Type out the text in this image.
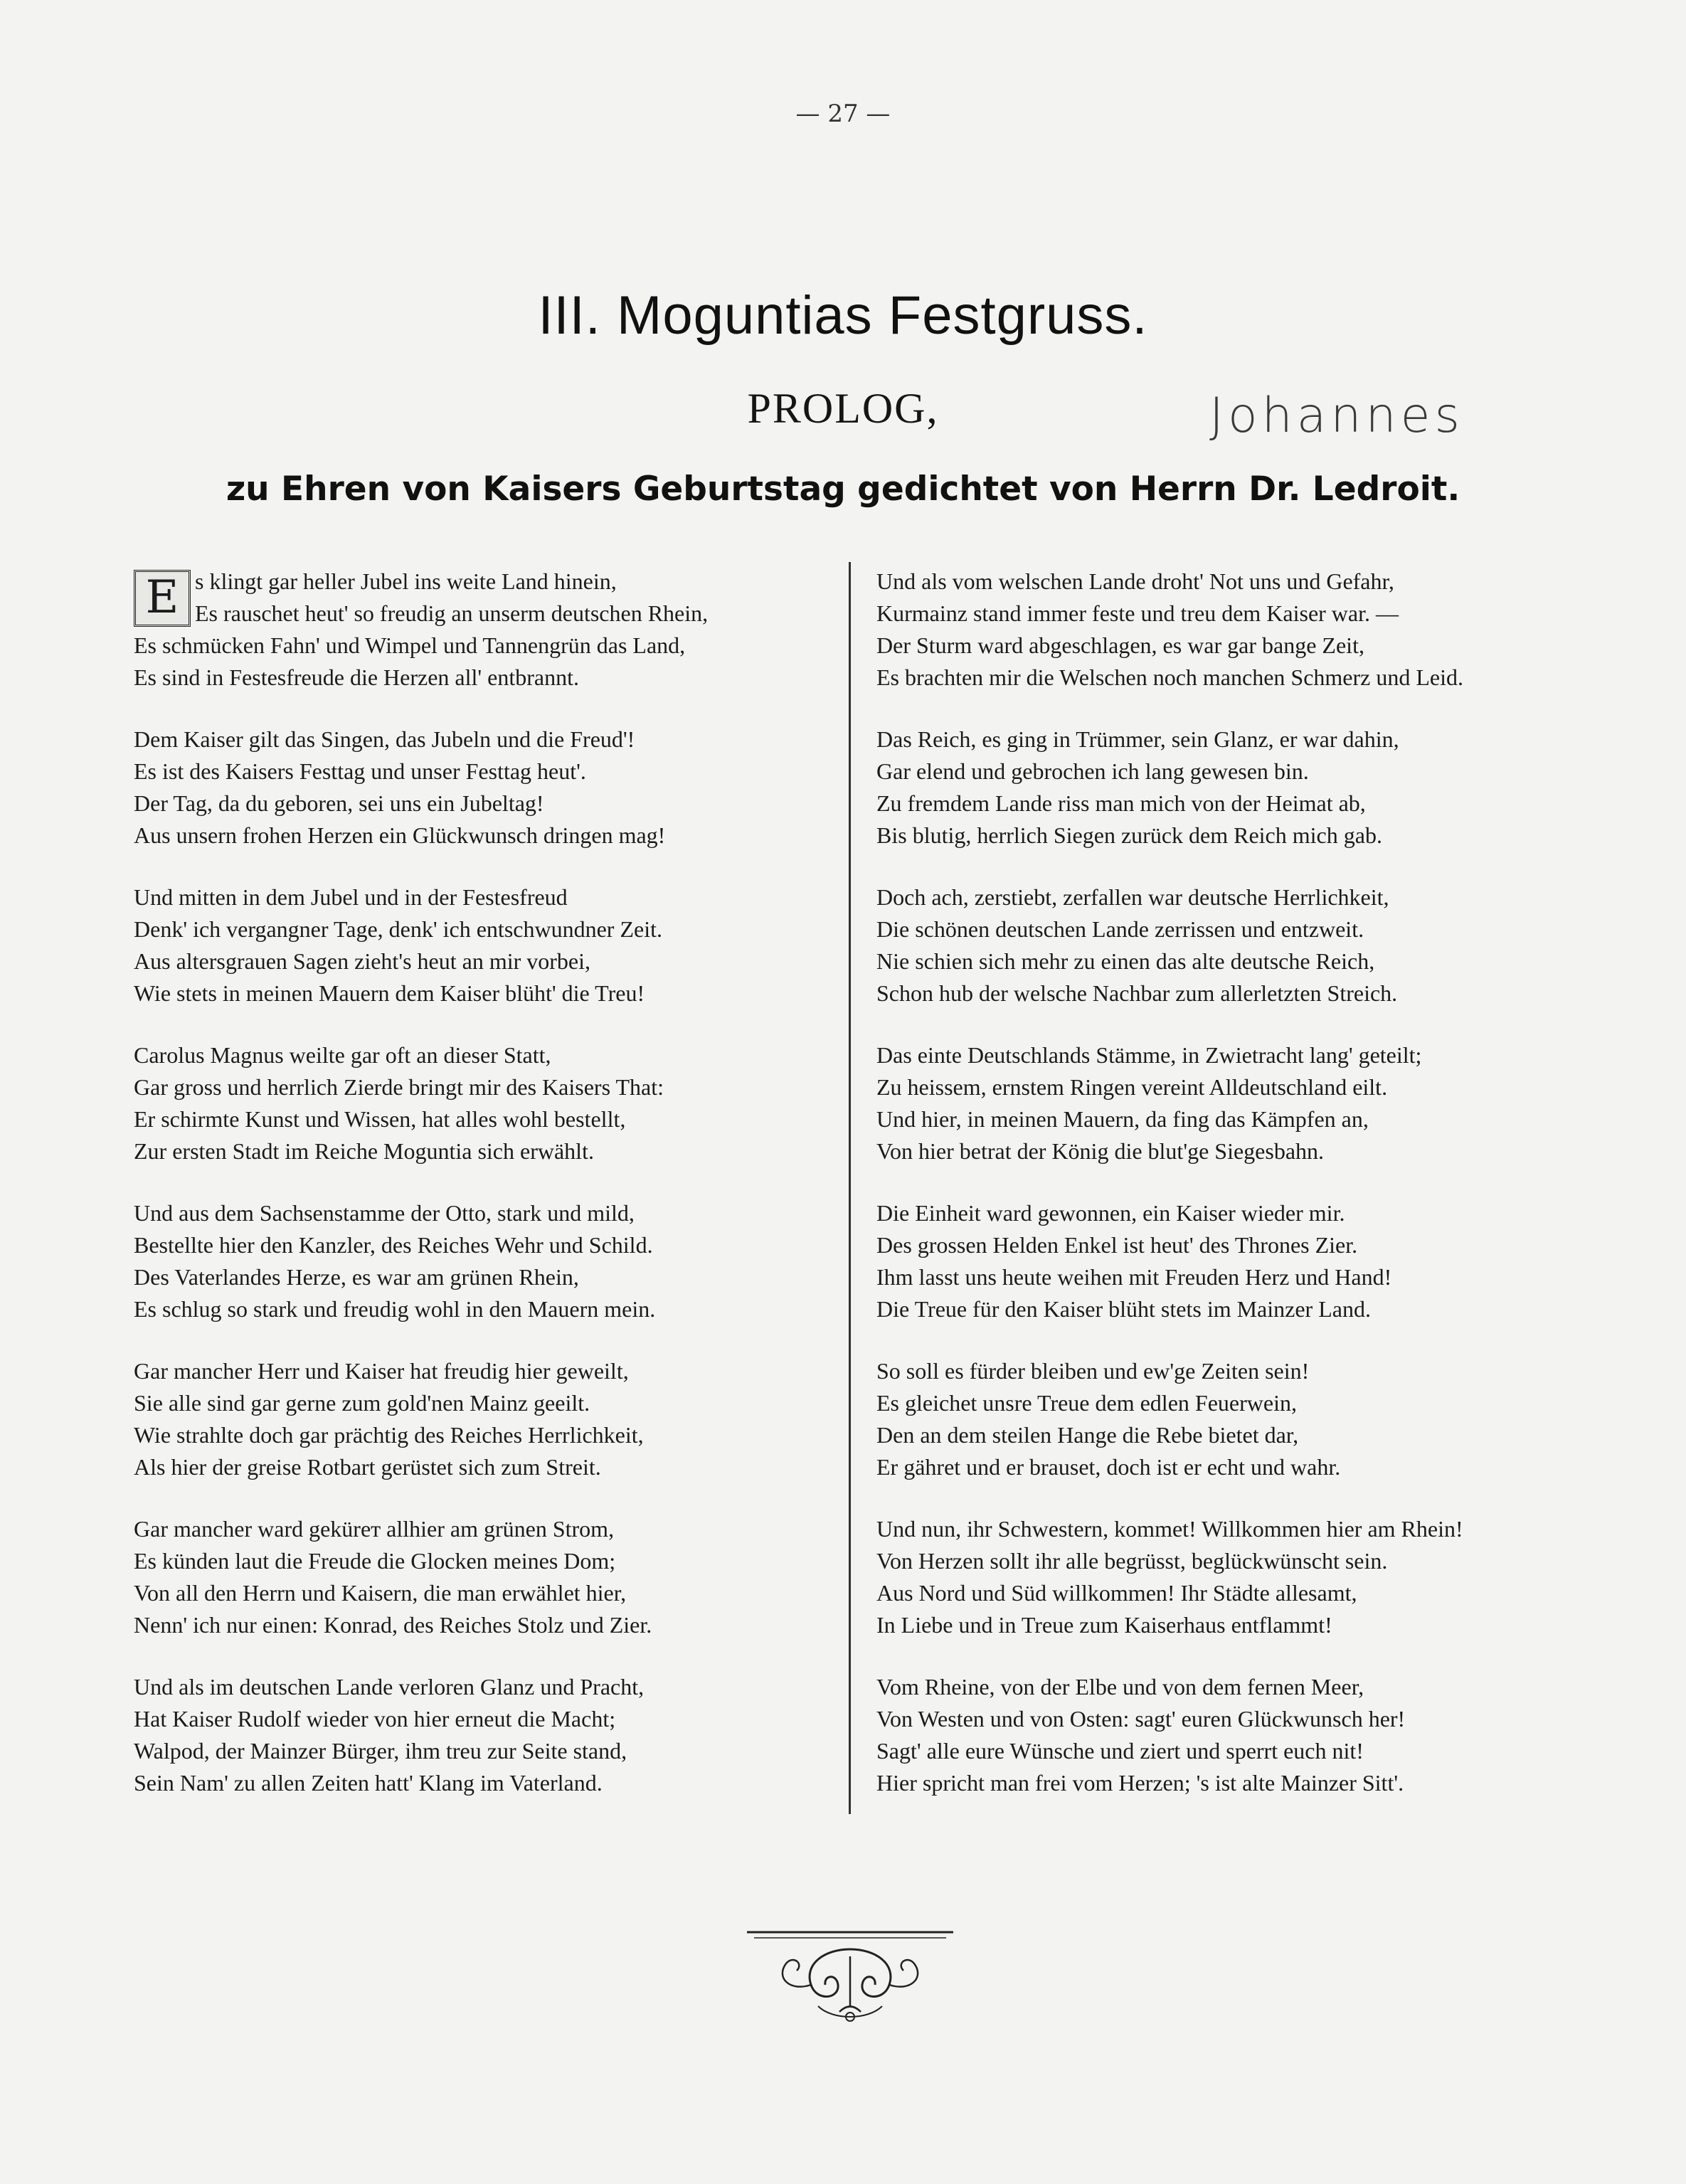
— 27 —
III. Moguntias Festgruss.
PROLOG,	Johannes
zu Ehren von Kaisers Geburtstag gedichtet von Herrn Dr. Ledroit.
E s klingt gar heller Jubel ins weite Land hinein,
Es rauschet heut' so freudig an unserm deutschen Rhein,
Es schmücken Fahn' und Wimpel und Tannengrün das Land,
Es sind in Festesfreude die Herzen all' entbrannt.
Dem Kaiser gilt das Singen, das Jubeln und die Freud'!
Es ist des Kaisers Festtag und unser Festtag heut'.
Der Tag, da du geboren, sei uns ein Jubeltag!
Aus unsern frohen Herzen ein Glückwunsch dringen mag!
Und mitten in dem Jubel und in der Festesfreud
Denk' ich vergangner Tage, denk' ich entschwundner Zeit.
Aus altersgrauen Sagen zieht's heut an mir vorbei,
Wie stets in meinen Mauern dem Kaiser blüht' die Treu!
Carolus Magnus weilte gar oft an dieser Statt,
Gar gross und herrlich Zierde bringt mir des Kaisers That:
Er schirmte Kunst und Wissen, hat alles wohl bestellt,
Zur ersten Stadt im Reiche Moguntia sich erwählt.
Und aus dem Sachsenstamme der Otto, stark und mild,
Bestellte hier den Kanzler, des Reiches Wehr und Schild.
Des Vaterlandes Herze, es war am grünen Rhein,
Es schlug so stark und freudig wohl in den Mauern mein.
Gar mancher Herr und Kaiser hat freudig hier geweilt,
Sie alle sind gar gerne zum gold'nen Mainz geeilt.
Wie strahlte doch gar prächtig des Reiches Herrlichkeit,
Als hier der greise Rotbart gerüstet sich zum Streit.
Gar mancher ward gekürет allhier am grünen Strom,
Es künden laut die Freude die Glocken meines Dom;
Von all den Herrn und Kaisern, die man erwählet hier,
Nenn' ich nur einen: Konrad, des Reiches Stolz und Zier.
Und als im deutschen Lande verloren Glanz und Pracht,
Hat Kaiser Rudolf wieder von hier erneut die Macht;
Walpod, der Mainzer Bürger, ihm treu zur Seite stand,
Sein Nam' zu allen Zeiten hatt' Klang im Vaterland.
Und als vom welschen Lande droht' Not uns und Gefahr,
Kurmainz stand immer feste und treu dem Kaiser war. —
Der Sturm ward abgeschlagen, es war gar bange Zeit,
Es brachten mir die Welschen noch manchen Schmerz und Leid.
Das Reich, es ging in Trümmer, sein Glanz, er war dahin,
Gar elend und gebrochen ich lang gewesen bin.
Zu fremdem Lande riss man mich von der Heimat ab,
Bis blutig, herrlich Siegen zurück dem Reich mich gab.
Doch ach, zerstiebt, zerfallen war deutsche Herrlichkeit,
Die schönen deutschen Lande zerrissen und entzweit.
Nie schien sich mehr zu einen das alte deutsche Reich,
Schon hub der welsche Nachbar zum allerletzten Streich.
Das einte Deutschlands Stämme, in Zwietracht lang' geteilt;
Zu heissem, ernstem Ringen vereint Alldeutschland eilt.
Und hier, in meinen Mauern, da fing das Kämpfen an,
Von hier betrat der König die blut'ge Siegesbahn.
Die Einheit ward gewonnen, ein Kaiser wieder mir.
Des grossen Helden Enkel ist heut' des Thrones Zier.
Ihm lasst uns heute weihen mit Freuden Herz und Hand!
Die Treue für den Kaiser blüht stets im Mainzer Land.
So soll es fürder bleiben und ew'ge Zeiten sein!
Es gleichet unsre Treue dem edlen Feuerwein,
Den an dem steilen Hange die Rebe bietet dar,
Er gähret und er brauset, doch ist er echt und wahr.
Und nun, ihr Schwestern, kommet! Willkommen hier am Rhein!
Von Herzen sollt ihr alle begrüsst, beglückwünscht sein.
Aus Nord und Süd willkommen! Ihr Städte allesamt,
In Liebe und in Treue zum Kaiserhaus entflammt!
Vom Rheine, von der Elbe und von dem fernen Meer,
Von Westen und von Osten: sagt' euren Glückwunsch her!
Sagt' alle eure Wünsche und ziert und sperrt euch nit!
Hier spricht man frei vom Herzen; 's ist alte Mainzer Sitt'.
